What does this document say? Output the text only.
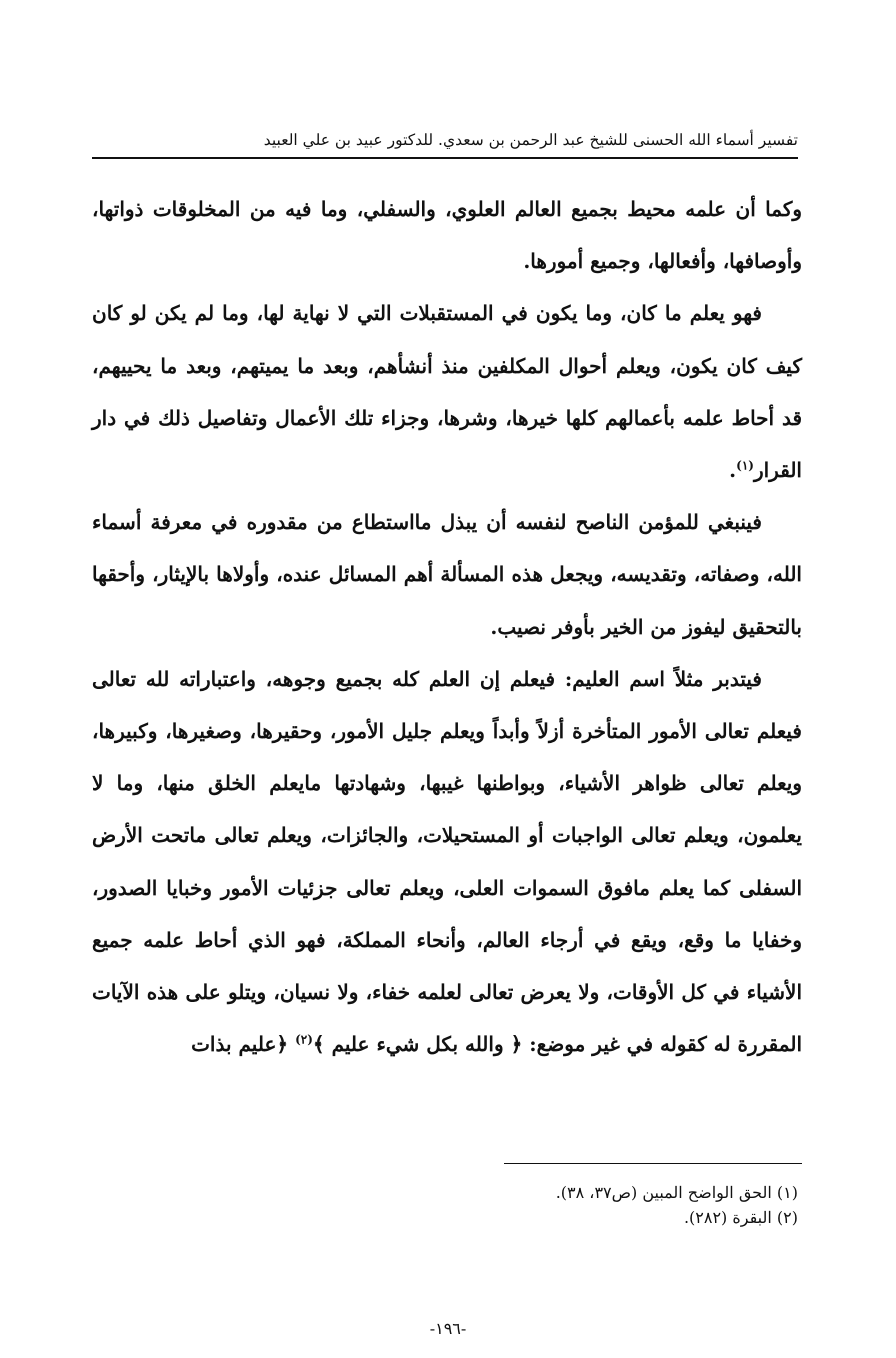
تفسير أسماء الله الحسنى للشيخ عبد الرحمن بن سعدي. للدكتور عبيد بن علي العبيد

وكما أن علمه محيط بجميع العالم العلوي، والسفلي، وما فيه من المخلوقات ذواتها، وأوصافها، وأفعالها، وجميع أمورها.

فهو يعلم ما كان، وما يكون في المستقبلات التي لا نهاية لها، وما لم يكن لو كان كيف كان يكون، ويعلم أحوال المكلفين منذ أنشأهم، وبعد ما يميتهم، وبعد ما يحييهم، قد أحاط علمه بأعمالهم كلها خيرها، وشرها، وجزاء تلك الأعمال وتفاصيل ذلك في دار القرار$^{(١)}$.

فينبغي للمؤمن الناصح لنفسه أن يبذل مااستطاع من مقدوره في معرفة أسماء الله، وصفاته، وتقديسه، ويجعل هذه المسألة أهم المسائل عنده، وأولاها بالإيثار، وأحقها بالتحقيق ليفوز من الخير بأوفر نصيب.

فيتدبر مثلاً اسم العليم: فيعلم إن العلم كله بجميع وجوهه، واعتباراته لله تعالى فيعلم تعالى الأمور المتأخرة أزلاً وأبداً ويعلم جليل الأمور، وحقيرها، وصغيرها، وكبيرها، ويعلم تعالى ظواهر الأشياء، وبواطنها غيبها، وشهادتها مايعلم الخلق منها، وما لا يعلمون، ويعلم تعالى الواجبات أو المستحيلات، والجائزات، ويعلم تعالى ماتحت الأرض السفلى كما يعلم مافوق السموات العلى، ويعلم تعالى جزئيات الأمور وخبايا الصدور، وخفايا ما وقع، ويقع في أرجاء العالم، وأنحاء المملكة، فهو الذي أحاط علمه جميع الأشياء في كل الأوقات، ولا يعرض تعالى لعلمه خفاء، ولا نسيان، ويتلو على هذه الآيات المقررة له كقوله في غير موضع: ﴿ والله بكل شيء عليم ﴾$^{(٢)}$ ﴿عليم بذات

(١) الحق الواضح المبين (ص٣٧، ٣٨).
(٢) البقرة (٢٨٢).
-١٩٦-
